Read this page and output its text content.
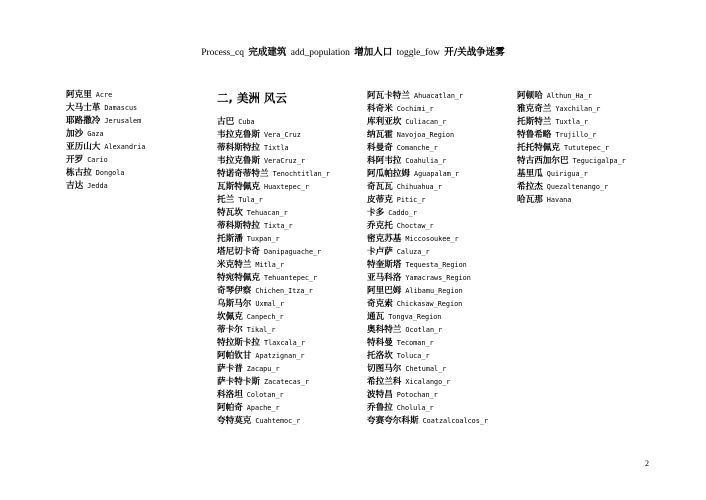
Process_cq 完成建筑 add_population 增加人口 toggle_fow 开/关战争迷雾
阿克里 Acre
大马士革 Damascus
耶路撒冷 Jerusalem
加沙 Gaza
亚历山大 Alexandria
开罗 Cario
栋古拉 Dongola
吉达 Jedda
二, 美洲 风云
古巴 Cuba
韦拉克鲁斯 Vera_Cruz
蒂科斯特拉 Tixtla
韦拉克鲁斯 VeraCruz_r
特诺奇蒂特兰 Tenochtitlan_r
瓦斯特佩克 Huaxtepec_r
托兰 Tula_r
特瓦坎 Tehuacan_r
蒂科斯特拉 Tixta_r
托斯潘 Tuxpan_r
塔尼切卡奇 Danipaguache_r
米克特兰 Mitla_r
特宛特佩克 Tehuantepec_r
奇琴伊察 Chichen_Itza_r
乌斯马尔 Uxmal_r
坎佩克 Canpech_r
蒂卡尔 Tikal_r
特拉斯卡拉 Tlaxcala_r
阿帕钦甘 Apatzignan_r
萨卡普 Zacapu_r
萨卡特卡斯 Zacatecas_r
科洛坦 Colotan_r
阿帕奇 Apache_r
夸特莫克 Cuahtemoc_r
阿瓦卡特兰 Ahuacatlan_r
科奇米 Cochimi_r
库利亚坎 Culiacan_r
纳瓦霍 Navojoa_Region
科曼奇 Comanche_r
科阿韦拉 Coahulia_r
阿瓜帕拉姆 Aguapalam_r
奇瓦瓦 Chihuahua_r
皮蒂克 Pitic_r
卡多 Caddo_r
乔克托 Choctaw_r
密克苏基 Miccosoukee_r
卡卢萨 Caluza_r
特奎斯塔 Tequesta_Region
亚马科洛 Yamacraws_Region
阿里巴姆 Alibamu_Region
奇克索 Chickasaw_Region
通瓦 Tongva_Region
奥科特兰 Ocotlan_r
特科曼 Tecoman_r
托洛坎 Toluca_r
切图马尔 Chetumal_r
希拉兰科 Xicalango_r
波特昌 Potochan_r
乔鲁拉 Cholula_r
夸赛夸尔科斯 Coatzalcoalcos_r
阿顿哈 Althun_Ha_r
雅克奇兰 Yaxchilan_r
托斯特兰 Tuxtla_r
特鲁希略 Trujillo_r
托托特佩克 Tututepec_r
特古西加尔巴 Tegucigalpa_r
基里瓜 Quirigua_r
希拉杰 Quezaltenango_r
哈瓦那 Havana
2
